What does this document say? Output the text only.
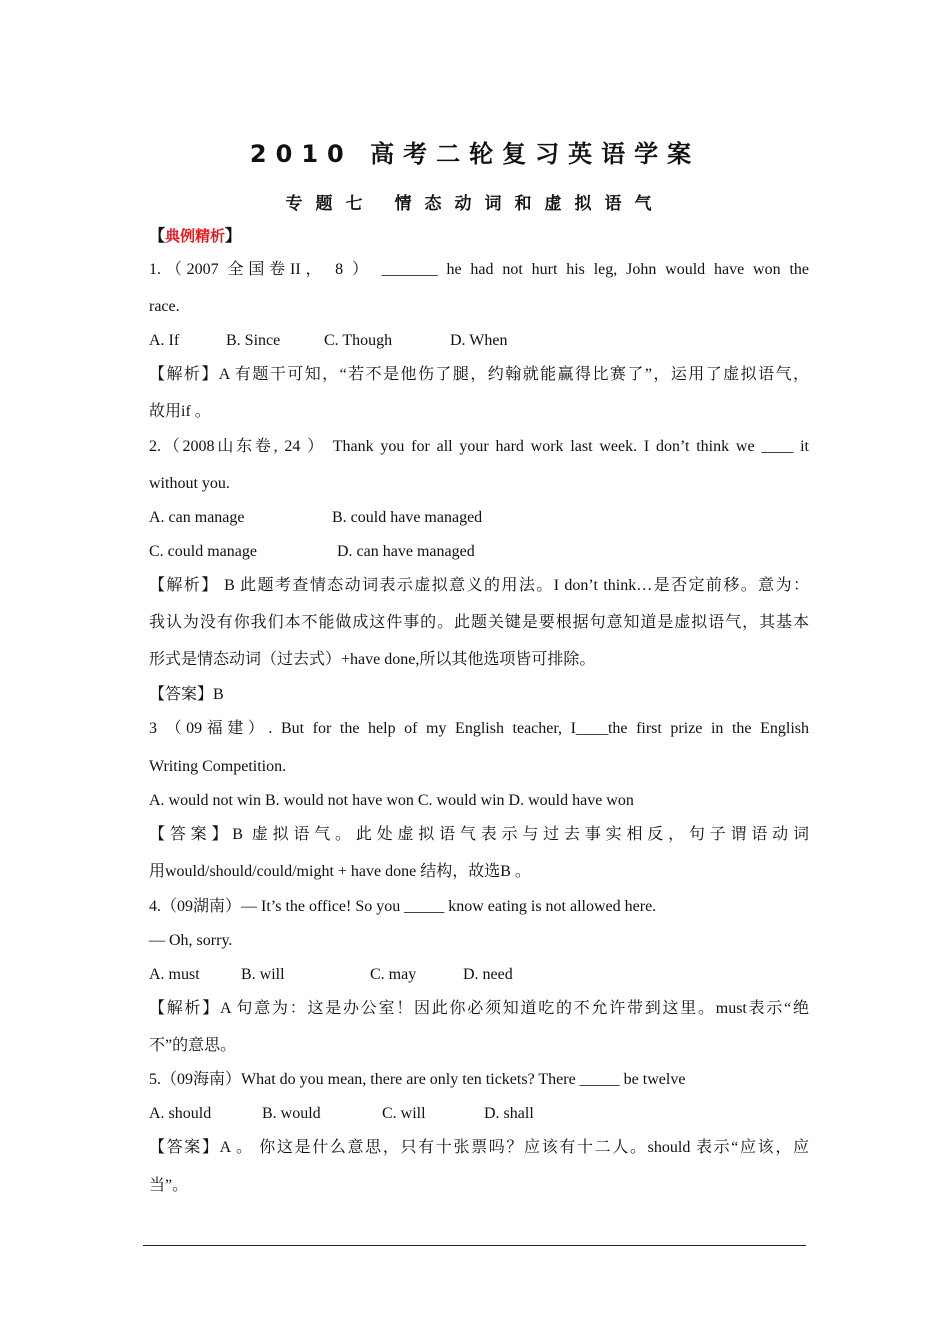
2010 高考二轮复习英语学案
专题七 情态动词和虚拟语气
【典例精析】
1.（2007 全国卷II， 8 ） _______ he had not hurt his leg, John would have won the
race.
A. If	B. Since	C. Though	D. When
【解析】A 有题干可知，“若不是他伤了腿，约翰就能赢得比赛了”，运用了虚拟语气，
故用if 。
2.（2008山东卷, 24 ） Thank you for all your hard work last week. I don’t think we ____ it
without you.
A. can manage	B. could have managed
C. could manage	D. can have managed
【解析】 B 此题考查情态动词表示虚拟意义的用法。I don’t think…是否定前移。意为：
我认为没有你我们本不能做成这件事的。此题关键是要根据句意知道是虚拟语气，其基本
形式是情态动词（过去式）+have done,所以其他选项皆可排除。
【答案】B
3 （09福建）. But for the help of my English teacher, I____the first prize in the English
Writing Competition.
A. would not win B. would not have won C. would win D. would have won
【答案】B 虚拟语气。此处虚拟语气表示与过去事实相反，句子谓语动词
用would/should/could/might + have done 结构，故选B 。
4.（09湖南）— It’s the office! So you _____ know eating is not allowed here.
— Oh, sorry.
A. must	B. will	C. may	D. need
【解析】A 句意为：这是办公室！因此你必须知道吃的不允许带到这里。must表示“绝
不”的意思。
5.（09海南）What do you mean, there are only ten tickets? There _____ be twelve
A. should	B. would	C. will	D. shall
【答案】A 。 你这是什么意思，只有十张票吗？应该有十二人。should 表示“应该，应
当”。
